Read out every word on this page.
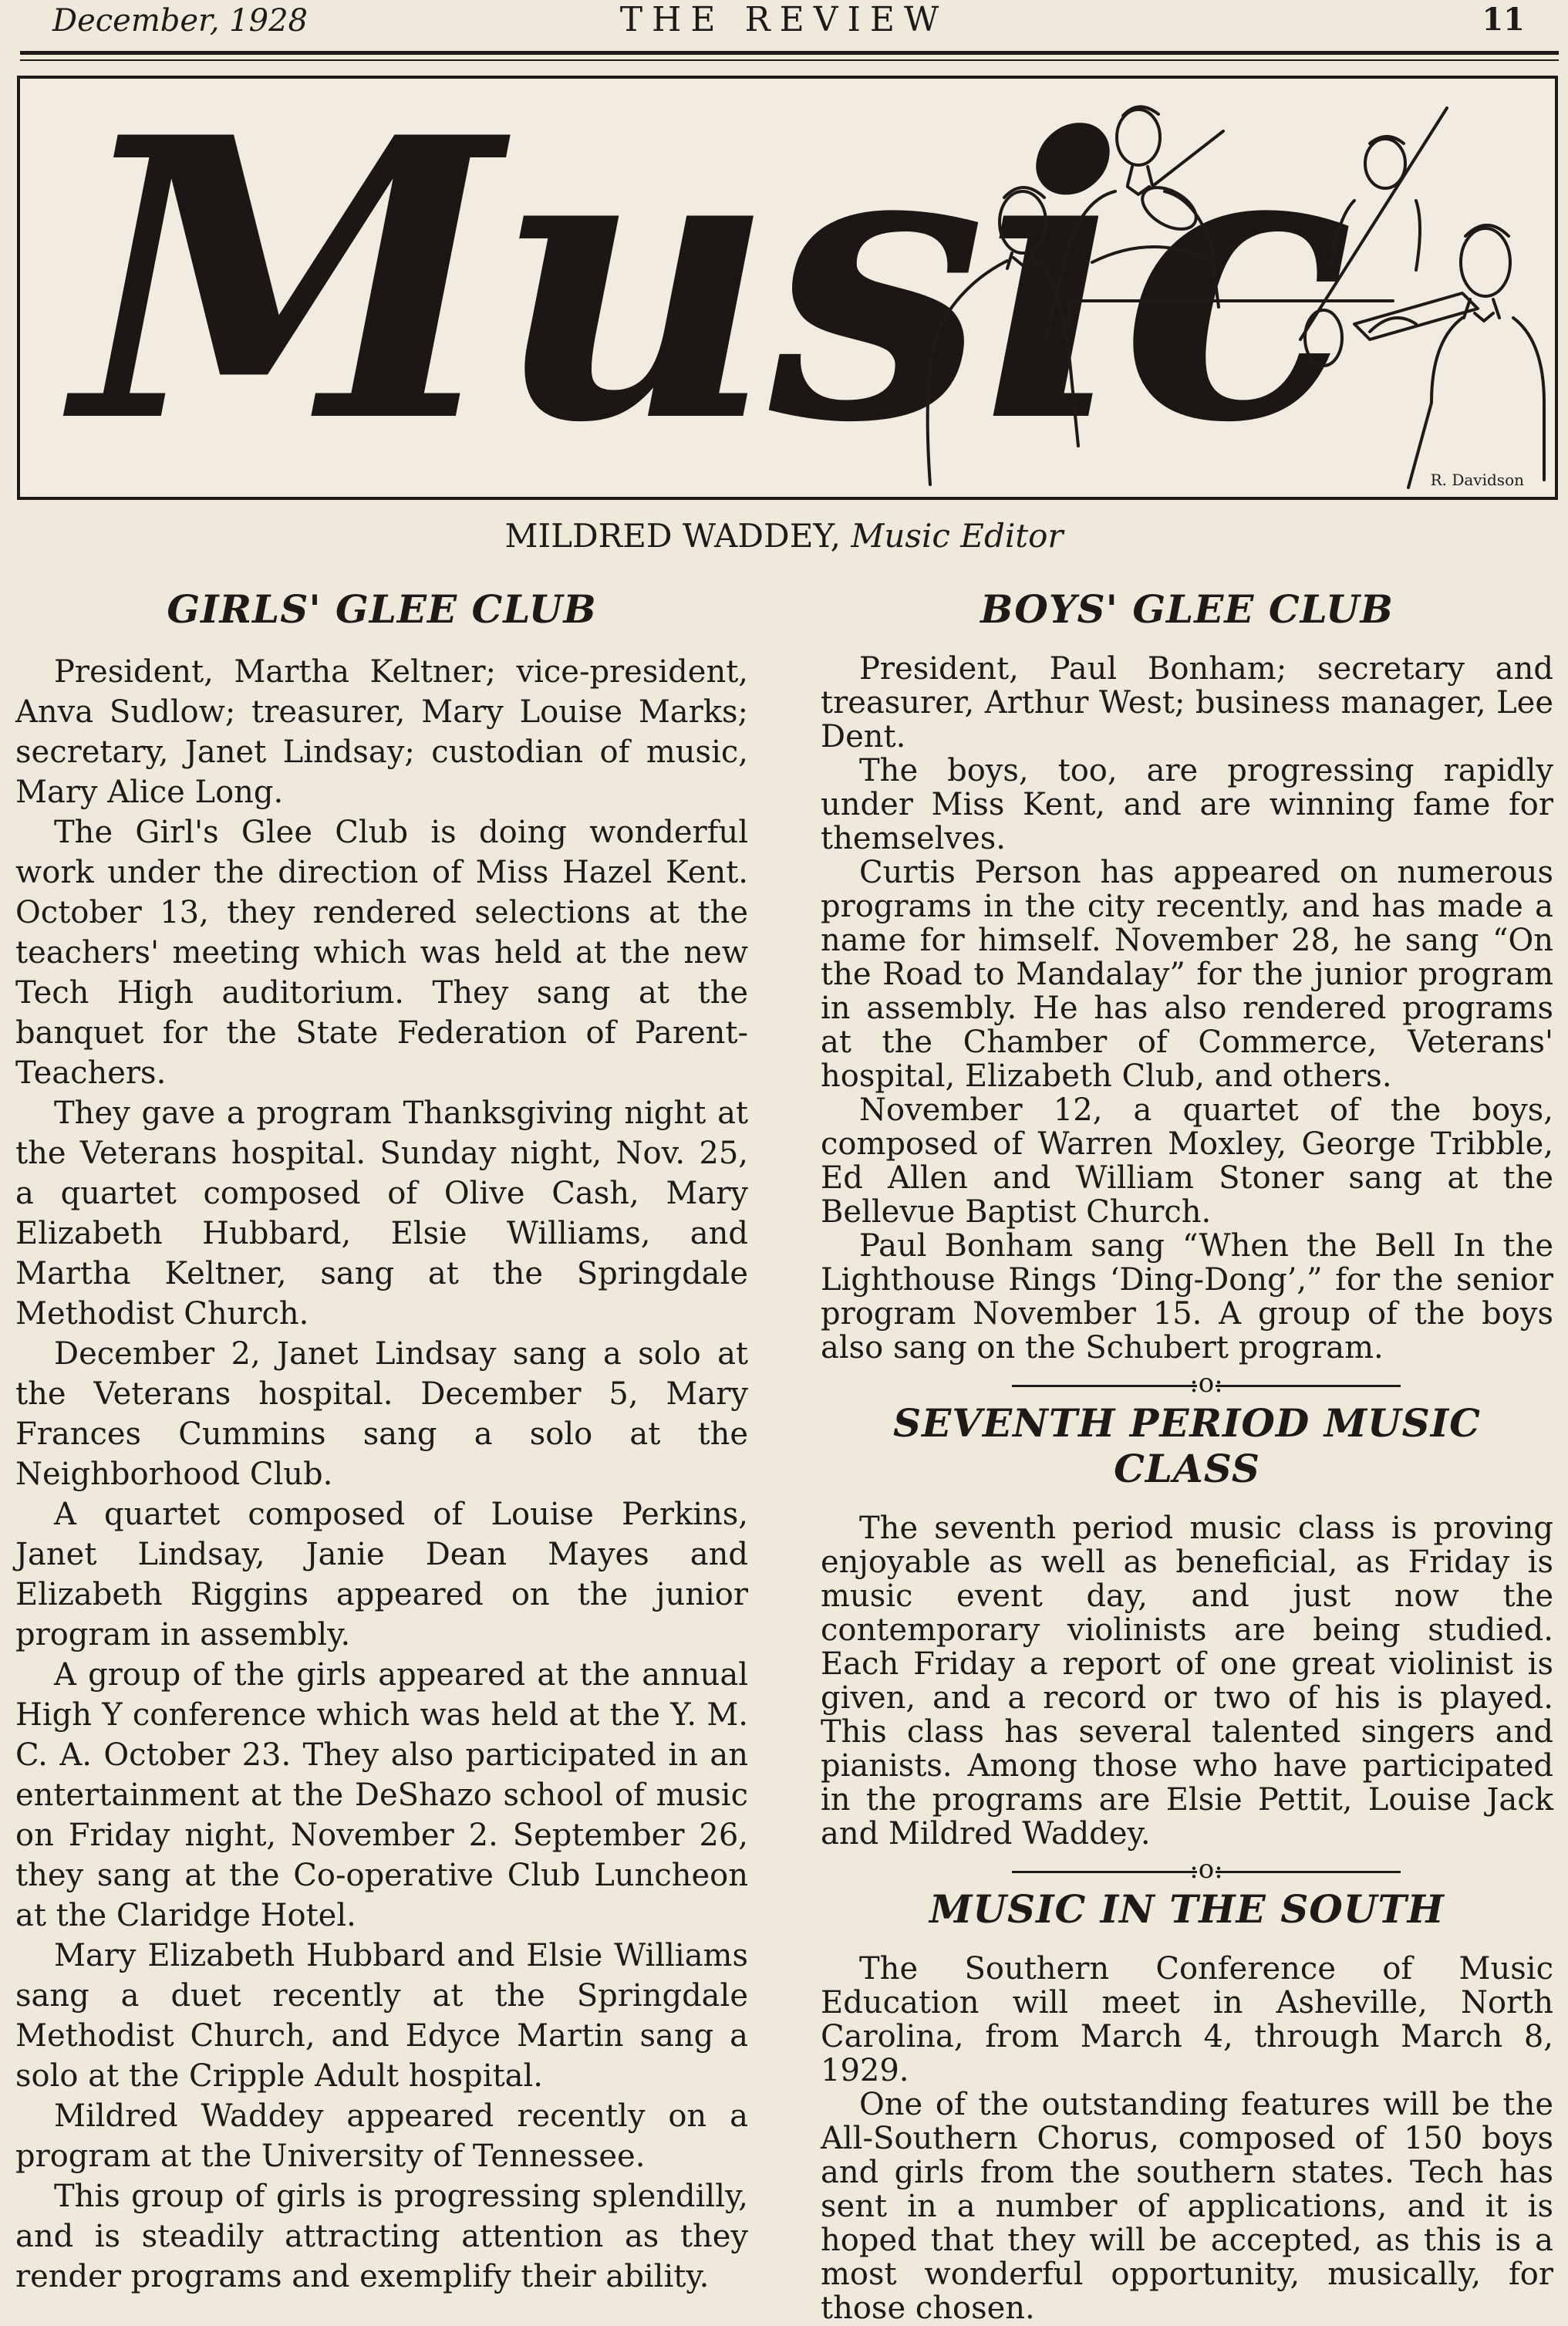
December, 1928	THE REVIEW	11
Music	R. Davidson
MILDRED WADDEY, Music Editor
GIRLS' GLEE CLUB

President, Martha Keltner; vice-president, Anva Sudlow; treasurer, Mary Louise Marks; secretary, Janet Lindsay; custodian of music, Mary Alice Long.

The Girl's Glee Club is doing wonderful work under the direction of Miss Hazel Kent. October 13, they rendered selections at the teachers' meeting which was held at the new Tech High auditorium. They sang at the banquet for the State Federation of Parent-Teachers.

They gave a program Thanksgiving night at the Veterans hospital. Sunday night, Nov. 25, a quartet composed of Olive Cash, Mary Elizabeth Hubbard, Elsie Williams, and Martha Keltner, sang at the Springdale Methodist Church.

December 2, Janet Lindsay sang a solo at the Veterans hospital. December 5, Mary Frances Cummins sang a solo at the Neighborhood Club.

A quartet composed of Louise Perkins, Janet Lindsay, Janie Dean Mayes and Elizabeth Riggins appeared on the junior program in assembly.

A group of the girls appeared at the annual High Y conference which was held at the Y. M. C. A. October 23. They also participated in an entertainment at the DeShazo school of music on Friday night, November 2. September 26, they sang at the Co-operative Club Luncheon at the Claridge Hotel.

Mary Elizabeth Hubbard and Elsie Williams sang a duet recently at the Springdale Methodist Church, and Edyce Martin sang a solo at the Cripple Adult hospital.

Mildred Waddey appeared recently on a program at the University of Tennessee.

This group of girls is progressing splendilly, and is steadily attracting attention as they render programs and exemplify their ability.

BOYS' GLEE CLUB

President, Paul Bonham; secretary and treasurer, Arthur West; business manager, Lee Dent.

The boys, too, are progressing rapidly under Miss Kent, and are winning fame for themselves.

Curtis Person has appeared on numerous programs in the city recently, and has made a name for himself. November 28, he sang “On the Road to Mandalay” for the junior program in assembly. He has also rendered programs at the Chamber of Commerce, Veterans' hospital, Elizabeth Club, and others.

November 12, a quartet of the boys, composed of Warren Moxley, George Tribble, Ed Allen and William Stoner sang at the Bellevue Baptist Church.

Paul Bonham sang “When the Bell In the Lighthouse Rings ‘Ding-Dong’,” for the senior program November 15. A group of the boys also sang on the Schubert program.

:o:
SEVENTH PERIOD MUSIC CLASS

The seventh period music class is proving enjoyable as well as beneficial, as Friday is music event day, and just now the contemporary violinists are being studied. Each Friday a report of one great violinist is given, and a record or two of his is played. This class has several talented singers and pianists. Among those who have participated in the programs are Elsie Pettit, Louise Jack and Mildred Waddey.

:o:
MUSIC IN THE SOUTH

The Southern Conference of Music Education will meet in Asheville, North Carolina, from March 4, through March 8, 1929.

One of the outstanding features will be the All-Southern Chorus, composed of 150 boys and girls from the southern states. Tech has sent in a number of applications, and it is hoped that they will be accepted, as this is a most wonderful opportunity, musically, for those chosen.
